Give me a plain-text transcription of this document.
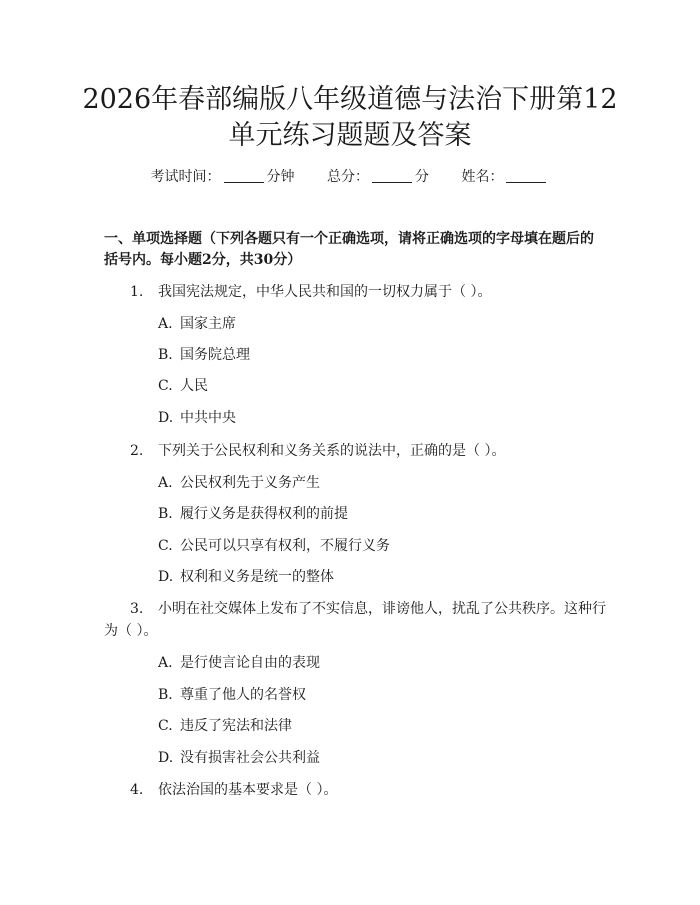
2026年春部编版八年级道德与法治下册第12
单元练习题题及答案
考试时间：	分钟 总分：	分 姓名：

一、单项选择题（下列各题只有一个正确选项，请将正确选项的字母填在题后的

括号内。每小题2分，共30分）

1. 我国宪法规定，中华人民共和国的一切权力属于（ ）。
A. 国家主席
B. 国务院总理
C. 人民
D. 中共中央
2. 下列关于公民权利和义务关系的说法中，正确的是（ ）。
A. 公民权利先于义务产生
B. 履行义务是获得权利的前提
C. 公民可以只享有权利，不履行义务
D. 权利和义务是统一的整体
3. 小明在社交媒体上发布了不实信息，诽谤他人，扰乱了公共秩序。这种行
为（ ）。
A. 是行使言论自由的表现
B. 尊重了他人的名誉权
C. 违反了宪法和法律
D. 没有损害社会公共利益
4. 依法治国的基本要求是（ ）。
